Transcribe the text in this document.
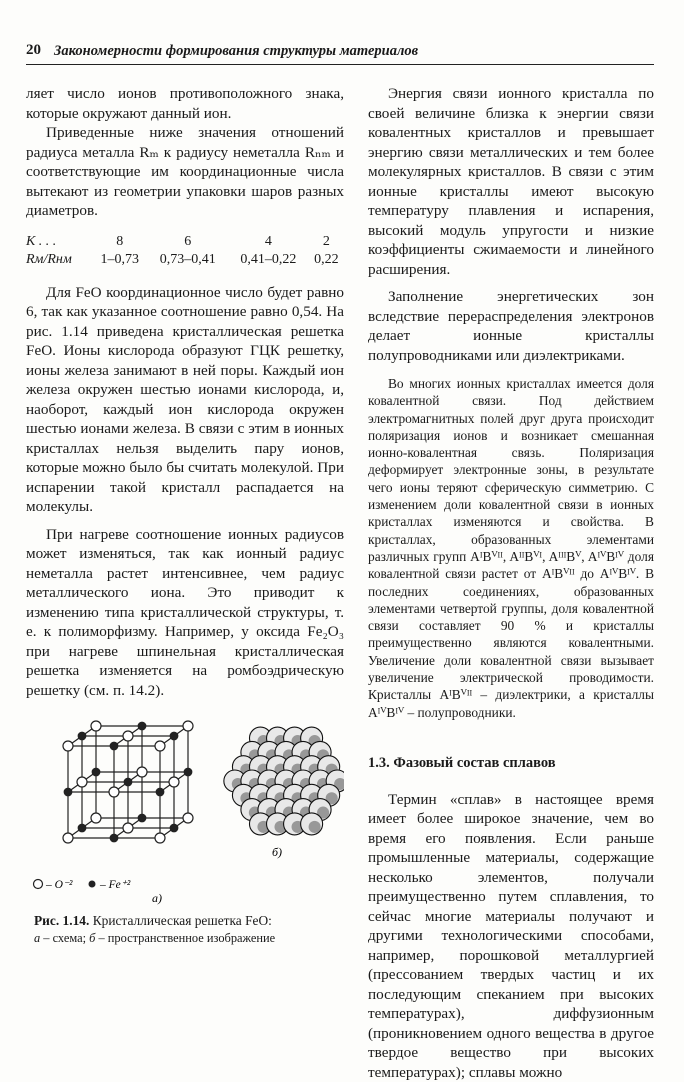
20 Закономерности формирования структуры материалов

ляет число ионов противоположного знака, которые окружают данный ион.

Приведенные ниже значения отношений радиуса металла Rₘ к радиусу неметалла Rₙₘ и соответствующие им координационные числа вытекают из геометрии упаковки шаров разных диаметров.

К . . .	8	6	4	2
Rм/Rнм	1–0,73	0,73–0,41	0,41–0,22	0,22

Для FeO координационное число будет равно 6, так как указанное соотношение равно 0,54. На рис. 1.14 приведена кристаллическая решетка FeO. Ионы кислорода образуют ГЦК решетку, ионы железа занимают в ней поры. Каждый ион железа окружен шестью ионами кислорода, и, наоборот, каждый ион кислорода окружен шестью ионами железа. В связи с этим в ионных кристаллах нельзя выделить пару ионов, которые можно было бы считать молекулой. При испарении такой кристалл распадается на молекулы.

При нагреве соотношение ионных радиусов может изменяться, так как ионный радиус неметалла растет интенсивнее, чем радиус металлического иона. Это приводит к изменению типа кристаллической структуры, т. е. к полиморфизму. Например, у оксида Fe₂O₃ при нагреве шпинельная кристаллическая решетка изменяется на ромбоэдрическую решетку (см. п. 14.2).

– O⁻² – Fe⁺²
а)
б)
Рис. 1.14. Кристаллическая решетка FeO:
а – схема; б – пространственное изображение

Энергия связи ионного кристалла по своей величине близка к энергии связи ковалентных кристаллов и превышает энергию связи металлических и тем более молекулярных кристаллов. В связи с этим ионные кристаллы имеют высокую температуру плавления и испарения, высокий модуль упругости и низкие коэффициенты сжимаемости и линейного расширения.

Заполнение энергетических зон вследствие перераспределения электронов делает ионные кристаллы полупроводниками или диэлектриками.

Во многих ионных кристаллах имеется доля ковалентной связи. Под действием электромагнитных полей друг друга происходит поляризация ионов и возникает смешанная ионно-ковалентная связь. Поляризация деформирует электронные зоны, в результате чего ионы теряют сферическую симметрию. С изменением доли ковалентной связи в ионных кристаллах изменяются и свойства. В кристаллах, образованных элементами различных групп AᴵBⱽᴵᴵ, AᴵᴵBⱽᴵ, AᴵᴵᴵBⱽ, AᴵⱽBᴵⱽ доля ковалентной связи растет от AᴵBⱽᴵᴵ до AᴵⱽBᴵⱽ. В последних соединениях, образованных элементами четвертой группы, доля ковалентной связи составляет 90 % и кристаллы преимущественно являются ковалентными. Увеличение доли ковалентной связи вызывает увеличение электрической проводимости. Кристаллы AᴵBⱽᴵᴵ – диэлектрики, а кристаллы AᴵⱽBᴵⱽ – полупроводники.

1.3. Фазовый состав сплавов

Термин «сплав» в настоящее время имеет более широкое значение, чем во время его появления. Если раньше промышленные материалы, содержащие несколько элементов, получали преимущественно путем сплавления, то сейчас многие материалы получают и другими технологическими способами, например, порошковой металлургией (прессованием твердых частиц и их последующим спеканием при высоких температурах), диффузионным (проникновением одного вещества в другое твердое вещество при высоких температурах); сплавы можно
